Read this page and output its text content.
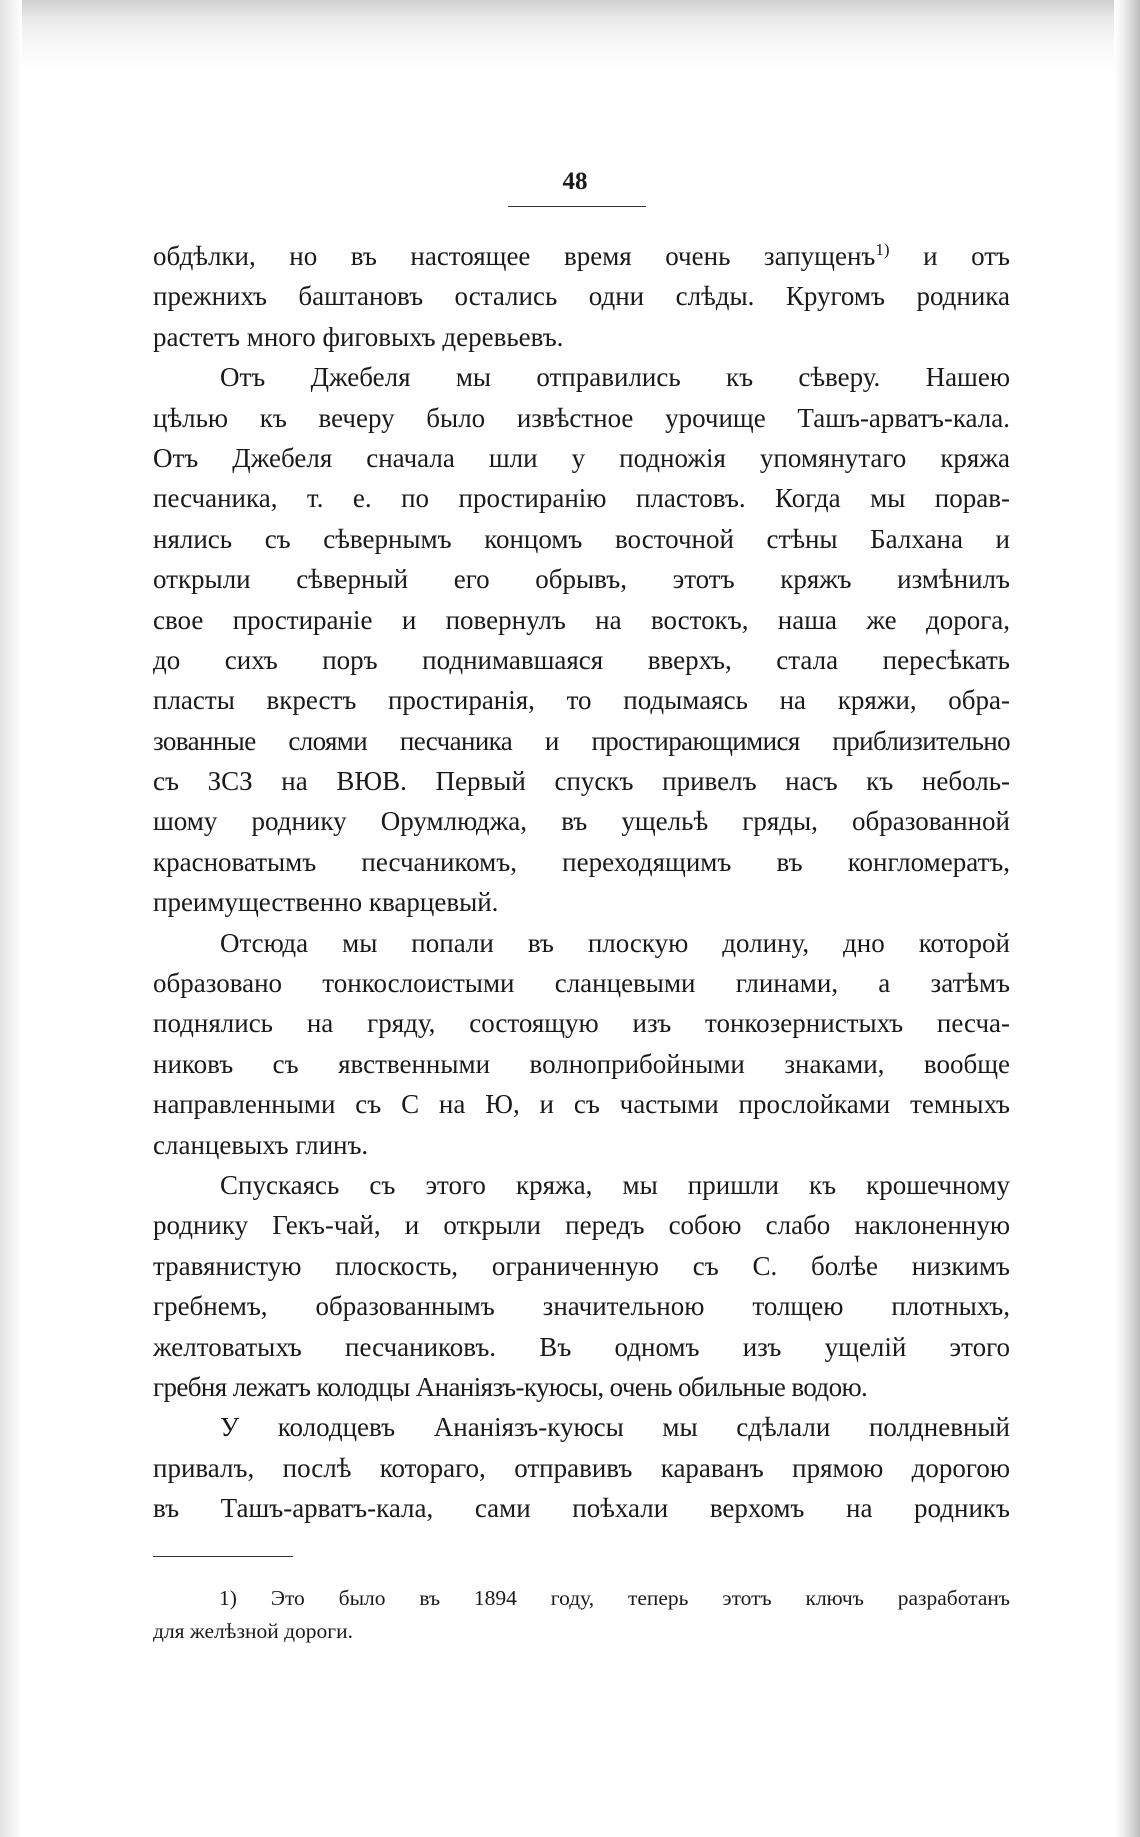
48
обдѣлки, но въ настоящее время очень запущенъ$^{1)}$ и отъ
прежнихъ баштановъ остались одни слѣды. Кругомъ родника
растетъ много фиговыхъ деревьевъ.
Отъ Джебеля мы отправились къ сѣверу. Нашею
цѣлью къ вечеру было извѣстное урочище Ташъ-арватъ-кала.
Отъ Джебеля сначала шли у подножія упомянутаго кряжа
песчаника, т. е. по простиранію пластовъ. Когда мы порав-
нялись съ сѣвернымъ концомъ восточной стѣны Балхана и
открыли сѣверный его обрывъ, этотъ кряжъ измѣнилъ
свое простираніе и повернулъ на востокъ, наша же дорога,
до сихъ поръ поднимавшаяся вверхъ, стала пересѣкать
пласты вкрестъ простиранія, то подымаясь на кряжи, обра-
зованные слоями песчаника и простирающимися приблизительно
съ ЗСЗ на ВЮВ. Первый спускъ привелъ насъ къ неболь-
шому роднику Орумлюджа, въ ущельѣ гряды, образованной
красноватымъ песчаникомъ, переходящимъ въ конгломератъ,
преимущественно кварцевый.
Отсюда мы попали въ плоскую долину, дно которой
образовано тонкослоистыми сланцевыми глинами, а затѣмъ
поднялись на гряду, состоящую изъ тонкозернистыхъ песча-
никовъ съ явственными волноприбойными знаками, вообще
направленными съ С на Ю, и съ частыми прослойками темныхъ
сланцевыхъ глинъ.
Спускаясь съ этого кряжа, мы пришли къ крошечному
роднику Гекъ-чай, и открыли передъ собою слабо наклоненную
травянистую плоскость, ограниченную съ С. болѣе низкимъ
гребнемъ, образованнымъ значительною толщею плотныхъ,
желтоватыхъ песчаниковъ. Въ одномъ изъ ущелій этого
гребня лежатъ колодцы Ананіязъ-куюсы, очень обильные водою.
У колодцевъ Ананіязъ-куюсы мы сдѣлали полдневный
привалъ, послѣ котораго, отправивъ караванъ прямою дорогою
въ Ташъ-арватъ-кала, сами поѣхали верхомъ на родникъ
1) Это было въ 1894 году, теперь этотъ ключъ разработанъ
для желѣзной дороги.
